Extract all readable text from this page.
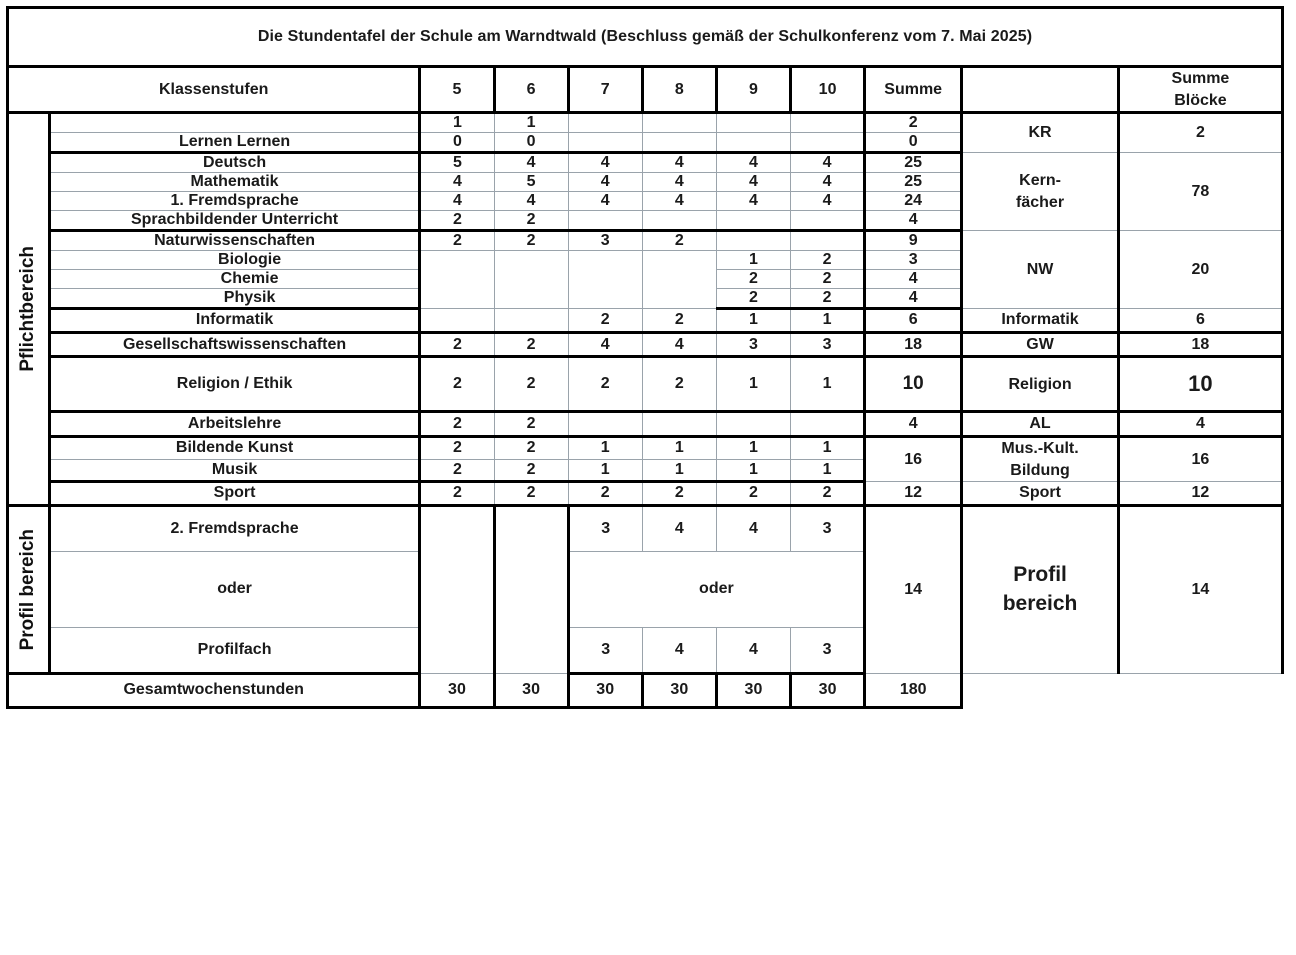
Die Stundentafel der Schule am Warndtwald (Beschluss gemäß der Schulkonferenz vom 7. Mai 2025)										
Klassenstufen		5	6	7	8	9	10	Summe		Summe
Blöcke

Pflichtbereich		1	1					2	KR	2
	Lernen Lernen	0	0					0		
	Deutsch	5	4	4	4	4	4	25	Kern-
fächer	78
	Mathematik	4	5	4	4	4	4	25		
	1. Fremdsprache	4	4	4	4	4	4	24		
	Sprachbildender Unterricht	2	2					4		
	Naturwissenschaften	2	2	3	2			9	NW	20
	Biologie					1	2	3		
	Chemie					2	2	4		
	Physik					2	2	4		
	Informatik			2	2	1	1	6	Informatik	6
	Gesellschaftswissenschaften	2	2	4	4	3	3	18	GW	18
	Religion / Ethik	2	2	2	2	1	1	10	Religion	10
	Arbeitslehre	2	2					4	AL	4
	Bildende Kunst	2	2	1	1	1	1	16	Mus.-Kult.
Bildung	16
	Musik	2	2	1	1	1	1			
	Sport	2	2	2	2	2	2	12	Sport	12

Profil bereich	2. Fremdsprache			3	4	4	3	14	Profil
bereich	14
	oder			oder						
	Profilfach			3	4	4	3			
Gesamtwochenstunden		30	30	30	30	30	30	180		
